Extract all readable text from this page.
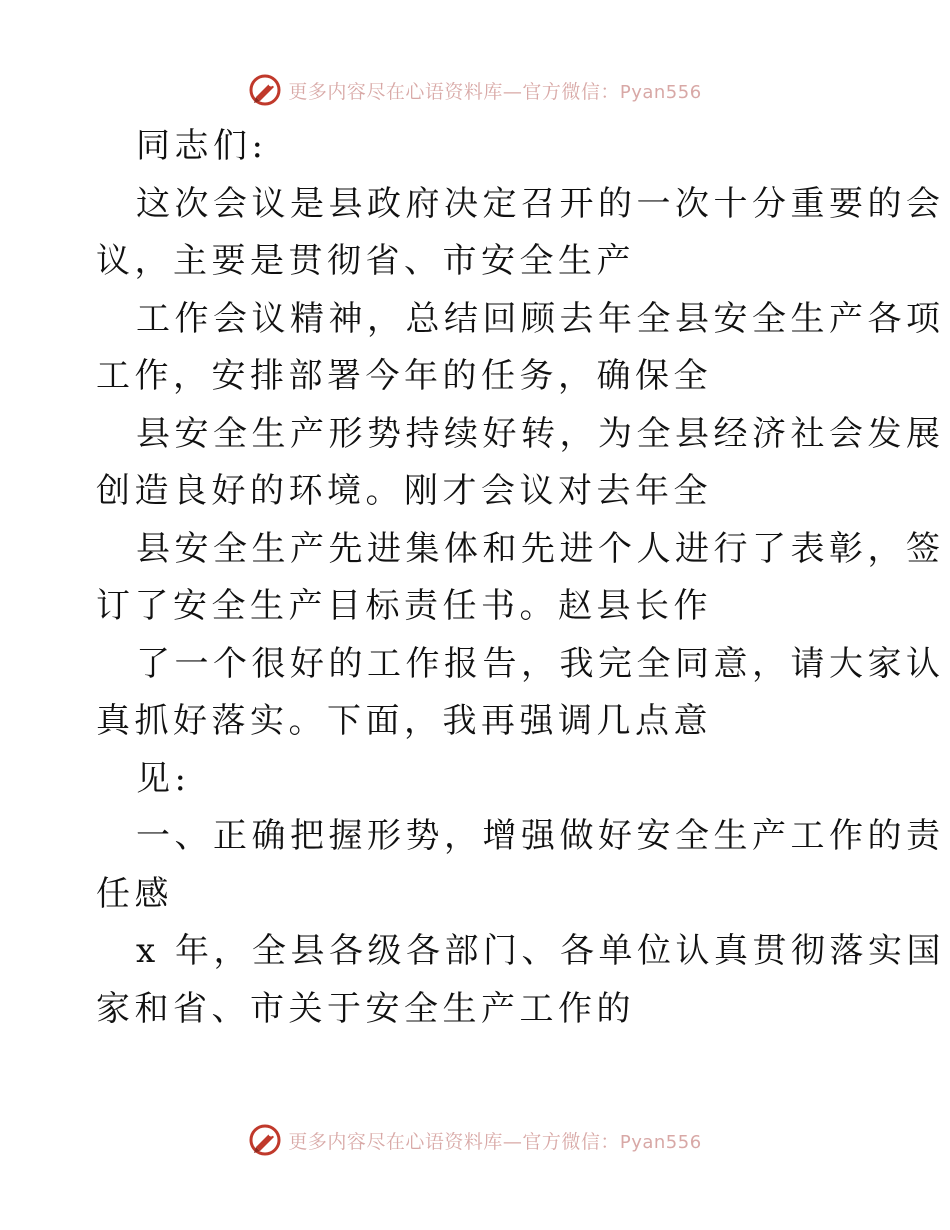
更多内容尽在心语资料库—官方微信：Pyan556
同志们:
这次会议是县政府决定召开的一次十分重要的会
议，主要是贯彻省、市安全生产
工作会议精神，总结回顾去年全县安全生产各项
工作，安排部署今年的任务，确保全
县安全生产形势持续好转，为全县经济社会发展
创造良好的环境。刚才会议对去年全
县安全生产先进集体和先进个人进行了表彰，签
订了安全生产目标责任书。赵县长作
了一个很好的工作报告，我完全同意，请大家认
真抓好落实。下面，我再强调几点意
见:
一、正确把握形势，增强做好安全生产工作的责
任感
x 年，全县各级各部门、各单位认真贯彻落实国
家和省、市关于安全生产工作的
更多内容尽在心语资料库—官方微信：Pyan556
